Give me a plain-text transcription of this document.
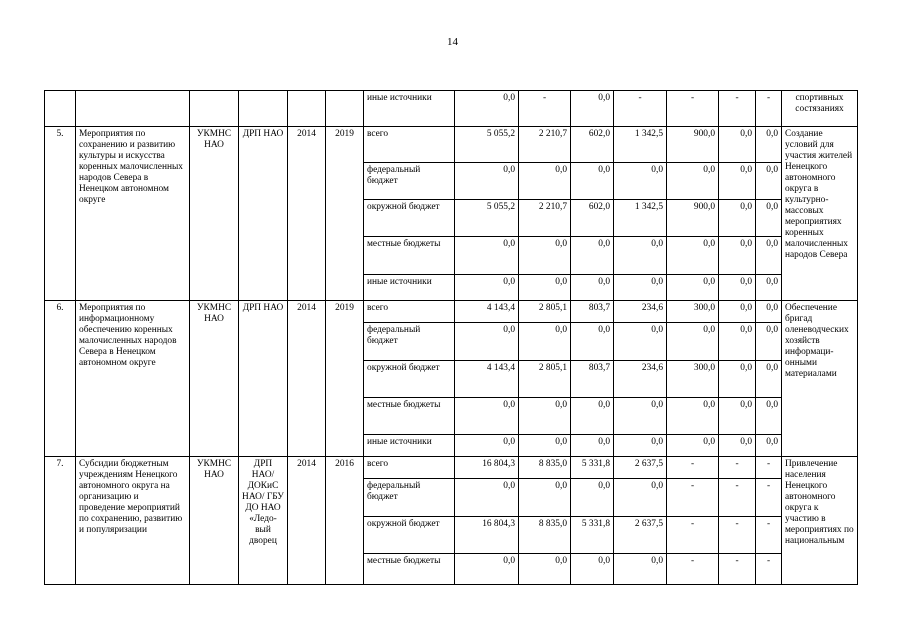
14
						иные источники	0,0	-	0,0	-	-	-	-	спортивных состязаниях
5.	Мероприятия по сохранению и развитию культуры и искусства коренных малочисленных народов Севера в Ненецком автономном округе	УКМНС НАО	ДРП НАО	2014	2019	всего	5 055,2	2 210,7	602,0	1 342,5	900,0	0,0	0,0	Создание условий для участия жителей Ненецкого автономного округа в культурно-массовых мероприятиях коренных малочисленных народов Севера
						федеральный бюджет	0,0	0,0	0,0	0,0	0,0	0,0	0,0	
						окружной бюджет	5 055,2	2 210,7	602,0	1 342,5	900,0	0,0	0,0	
						местные бюджеты	0,0	0,0	0,0	0,0	0,0	0,0	0,0	
						иные источники	0,0	0,0	0,0	0,0	0,0	0,0	0,0	
6.	Мероприятия по информационному обеспечению коренных малочисленных народов Севера в Ненецком автономном округе	УКМНС НАО	ДРП НАО	2014	2019	всего	4 143,4	2 805,1	803,7	234,6	300,0	0,0	0,0	Обеспечение бригад оленеводческих хозяйств информаци-онными материалами
						федеральный бюджет	0,0	0,0	0,0	0,0	0,0	0,0	0,0	
						окружной бюджет	4 143,4	2 805,1	803,7	234,6	300,0	0,0	0,0	
						местные бюджеты	0,0	0,0	0,0	0,0	0,0	0,0	0,0	
						иные источники	0,0	0,0	0,0	0,0	0,0	0,0	0,0	
7.	Субсидии бюджетным учреждениям Ненецкого автономного округа на организацию и проведение мероприятий по сохранению, развитию и популяризации	УКМНС НАО	ДРП НАО/ ДОКиС НАО/ ГБУ ДО НАО «Ледо-вый дворец	2014	2016	всего	16 804,3	8 835,0	5 331,8	2 637,5	-	-	-	Привлечение населения Ненецкого автономного округа к участию в мероприятиях по национальным
						федеральный бюджет	0,0	0,0	0,0	0,0	-	-	-	
						окружной бюджет	16 804,3	8 835,0	5 331,8	2 637,5	-	-	-	
						местные бюджеты	0,0	0,0	0,0	0,0	-	-	-	
